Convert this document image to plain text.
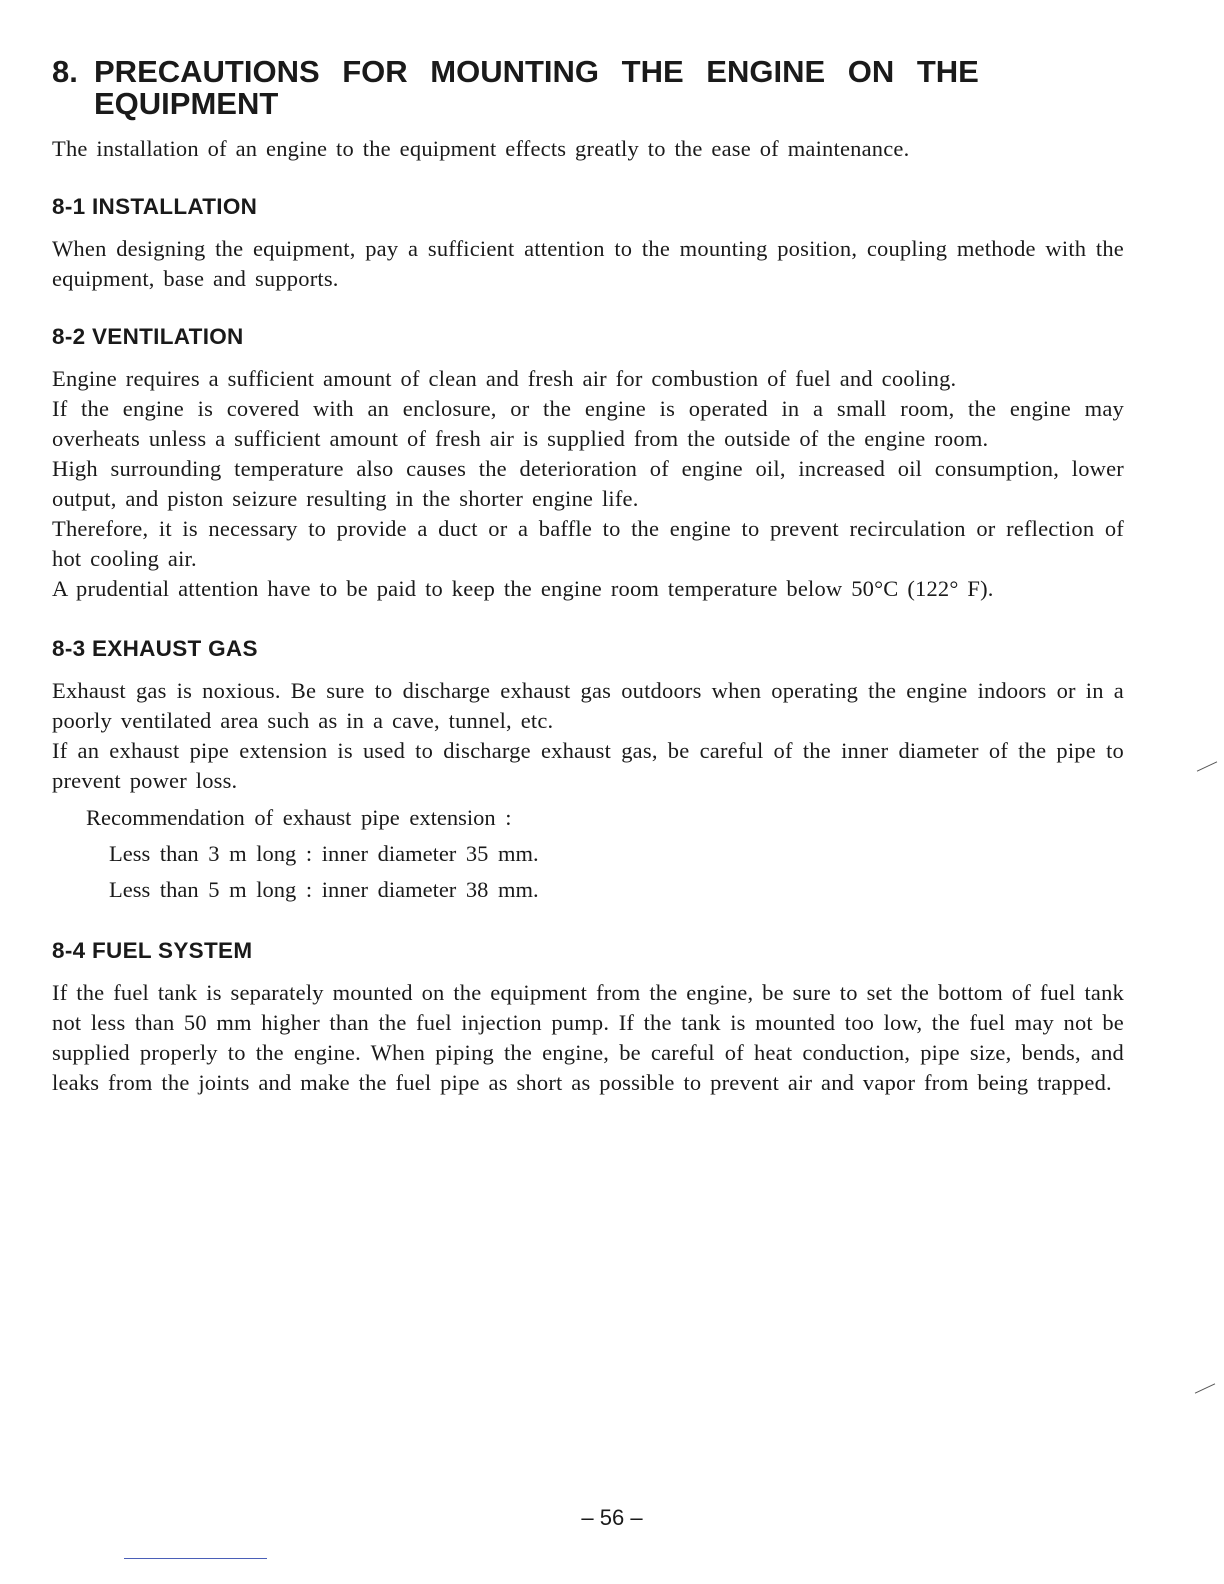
8. PRECAUTIONS FOR MOUNTING THE ENGINE ON THE EQUIPMENT

The installation of an engine to the equipment effects greatly to the ease of maintenance.

8-1 INSTALLATION

When designing the equipment, pay a sufficient attention to the mounting position, coupling methode with the equipment, base and supports.

8-2 VENTILATION

Engine requires a sufficient amount of clean and fresh air for combustion of fuel and cooling.

If the engine is covered with an enclosure, or the engine is operated in a small room, the engine may overheats unless a sufficient amount of fresh air is supplied from the outside of the engine room.

High surrounding temperature also causes the deterioration of engine oil, increased oil consumption, lower output, and piston seizure resulting in the shorter engine life.

Therefore, it is necessary to provide a duct or a baffle to the engine to prevent recirculation or reflection of hot cooling air.

A prudential attention have to be paid to keep the engine room temperature below 50°C (122° F).

8-3 EXHAUST GAS

Exhaust gas is noxious. Be sure to discharge exhaust gas outdoors when operating the engine indoors or in a poorly ventilated area such as in a cave, tunnel, etc.

If an exhaust pipe extension is used to discharge exhaust gas, be careful of the inner diameter of the pipe to prevent power loss.

Recommendation of exhaust pipe extension :

Less than 3 m long : inner diameter 35 mm.

Less than 5 m long : inner diameter 38 mm.

8-4 FUEL SYSTEM

If the fuel tank is separately mounted on the equipment from the engine, be sure to set the bottom of fuel tank not less than 50 mm higher than the fuel injection pump. If the tank is mounted too low, the fuel may not be supplied properly to the engine. When piping the engine, be careful of heat conduction, pipe size, bends, and leaks from the joints and make the fuel pipe as short as possible to prevent air and vapor from being trapped.

– 56 –
